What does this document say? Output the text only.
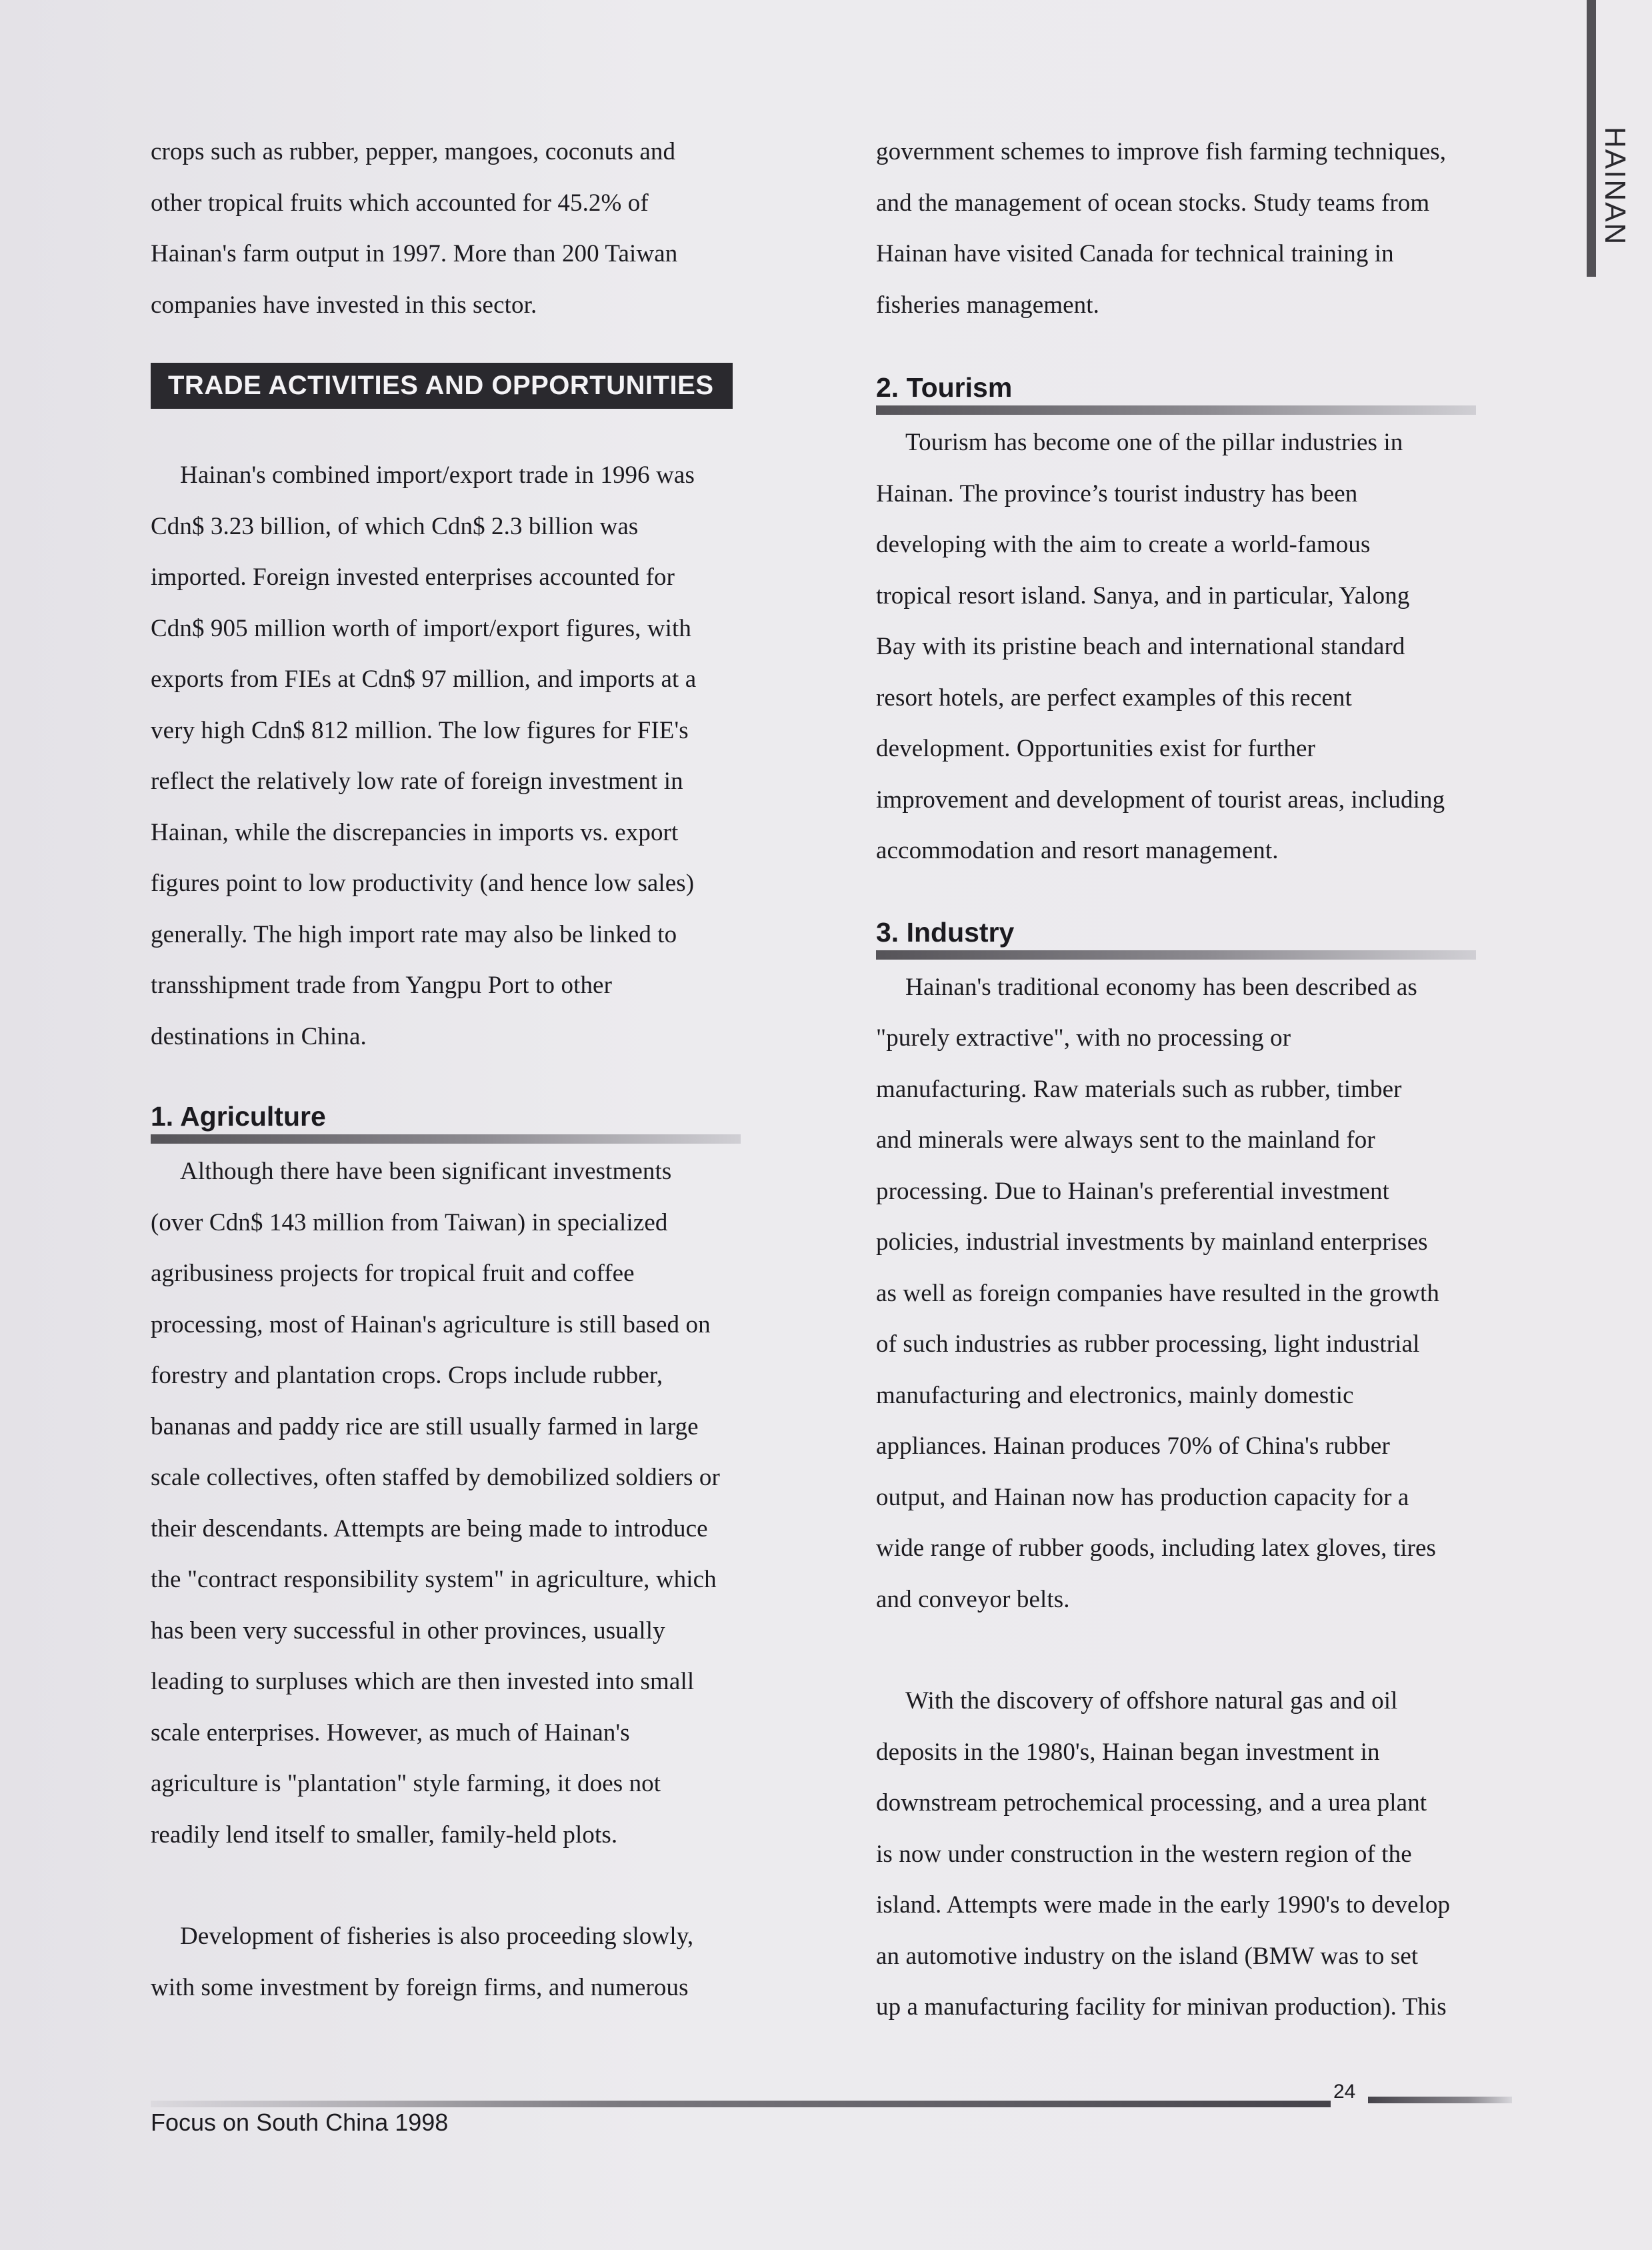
HAINAN

crops such as rubber, pepper, mangoes, coconuts and

other tropical fruits which accounted for 45.2% of

Hainan's farm output in 1997. More than 200 Taiwan

companies have invested in this sector.

TRADE ACTIVITIES AND OPPORTUNITIES

Hainan's combined import/export trade in 1996 was

Cdn$ 3.23 billion, of which Cdn$ 2.3 billion was

imported. Foreign invested enterprises accounted for

Cdn$ 905 million worth of import/export figures, with

exports from FIEs at Cdn$ 97 million, and imports at a

very high Cdn$ 812 million. The low figures for FIE's

reflect the relatively low rate of foreign investment in

Hainan, while the discrepancies in imports vs. export

figures point to low productivity (and hence low sales)

generally. The high import rate may also be linked to

transshipment trade from Yangpu Port to other

destinations in China.

1. Agriculture

Although there have been significant investments

(over Cdn$ 143 million from Taiwan) in specialized

agribusiness projects for tropical fruit and coffee

processing, most of Hainan's agriculture is still based on

forestry and plantation crops. Crops include rubber,

bananas and paddy rice are still usually farmed in large

scale collectives, often staffed by demobilized soldiers or

their descendants. Attempts are being made to introduce

the "contract responsibility system" in agriculture, which

has been very successful in other provinces, usually

leading to surpluses which are then invested into small

scale enterprises. However, as much of Hainan's

agriculture is "plantation" style farming, it does not

readily lend itself to smaller, family-held plots.

Development of fisheries is also proceeding slowly,

with some investment by foreign firms, and numerous

government schemes to improve fish farming techniques,

and the management of ocean stocks. Study teams from

Hainan have visited Canada for technical training in

fisheries management.

2. Tourism

Tourism has become one of the pillar industries in

Hainan. The province’s tourist industry has been

developing with the aim to create a world-famous

tropical resort island. Sanya, and in particular, Yalong

Bay with its pristine beach and international standard

resort hotels, are perfect examples of this recent

development. Opportunities exist for further

improvement and development of tourist areas, including

accommodation and resort management.

3. Industry

Hainan's traditional economy has been described as

"purely extractive", with no processing or

manufacturing. Raw materials such as rubber, timber

and minerals were always sent to the mainland for

processing. Due to Hainan's preferential investment

policies, industrial investments by mainland enterprises

as well as foreign companies have resulted in the growth

of such industries as rubber processing, light industrial

manufacturing and electronics, mainly domestic

appliances. Hainan produces 70% of China's rubber

output, and Hainan now has production capacity for a

wide range of rubber goods, including latex gloves, tires

and conveyor belts.

With the discovery of offshore natural gas and oil

deposits in the 1980's, Hainan began investment in

downstream petrochemical processing, and a urea plant

is now under construction in the western region of the

island. Attempts were made in the early 1990's to develop

an automotive industry on the island (BMW was to set

up a manufacturing facility for minivan production). This

24
Focus on South China 1998
